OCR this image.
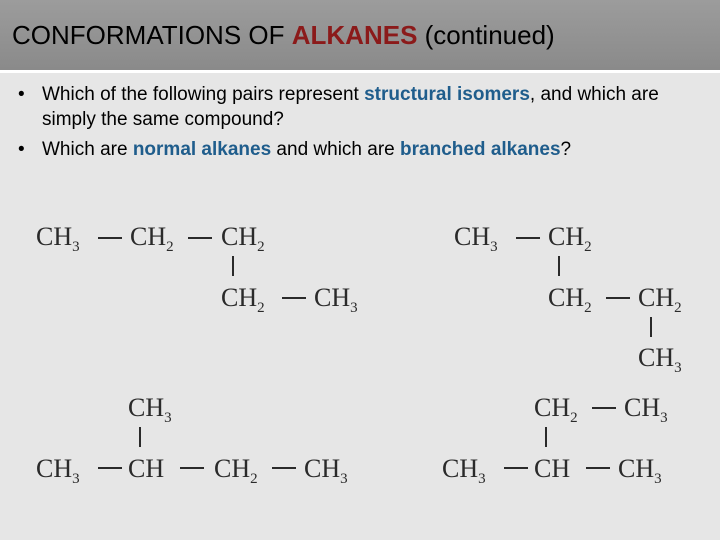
CONFORMATIONS OF ALKANES (continued)
• Which of the following pairs represent structural isomers, and which are simply the same compound?
• Which are normal alkanes and which are branched alkanes?
$CH_3$ $CH_2$ $CH_2$
$CH_2$ $CH_3$
$CH_3$ $CH_2$
$CH_2$ $CH_2$
$CH_3$
$CH_3$
$CH_3$ CH $CH_2$ $CH_3$
$CH_2$ $CH_3$
$CH_3$ CH $CH_3$
